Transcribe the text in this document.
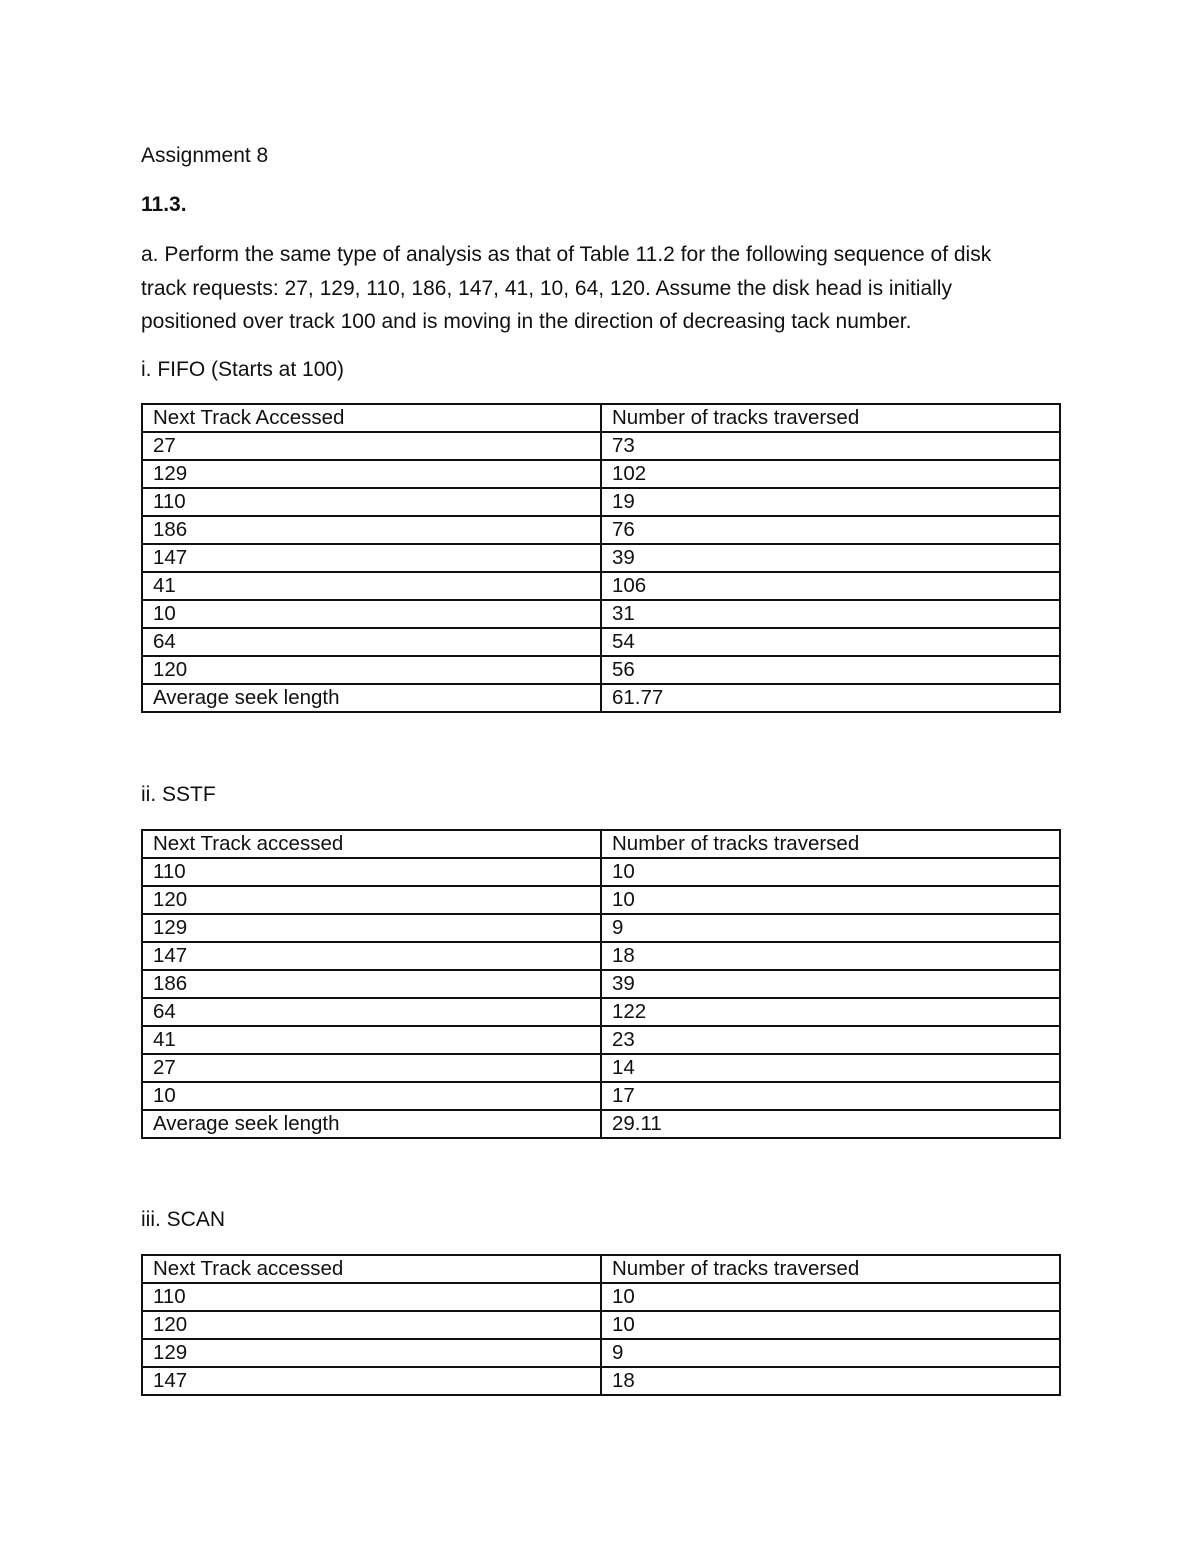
Assignment 8
11.3.
a. Perform the same type of analysis as that of Table 11.2 for the following sequence of disk
track requests: 27, 129, 110, 186, 147, 41, 10, 64, 120. Assume the disk head is initially
positioned over track 100 and is moving in the direction of decreasing tack number.
i. FIFO (Starts at 100)
Next Track Accessed	Number of tracks traversed
27	73
129	102
110	19
186	76
147	39
41	106
10	31
64	54
120	56
Average seek length	61.77
ii. SSTF
Next Track accessed	Number of tracks traversed
110	10
120	10
129	9
147	18
186	39
64	122
41	23
27	14
10	17
Average seek length	29.11
iii. SCAN
Next Track accessed	Number of tracks traversed
110	10
120	10
129	9
147	18
